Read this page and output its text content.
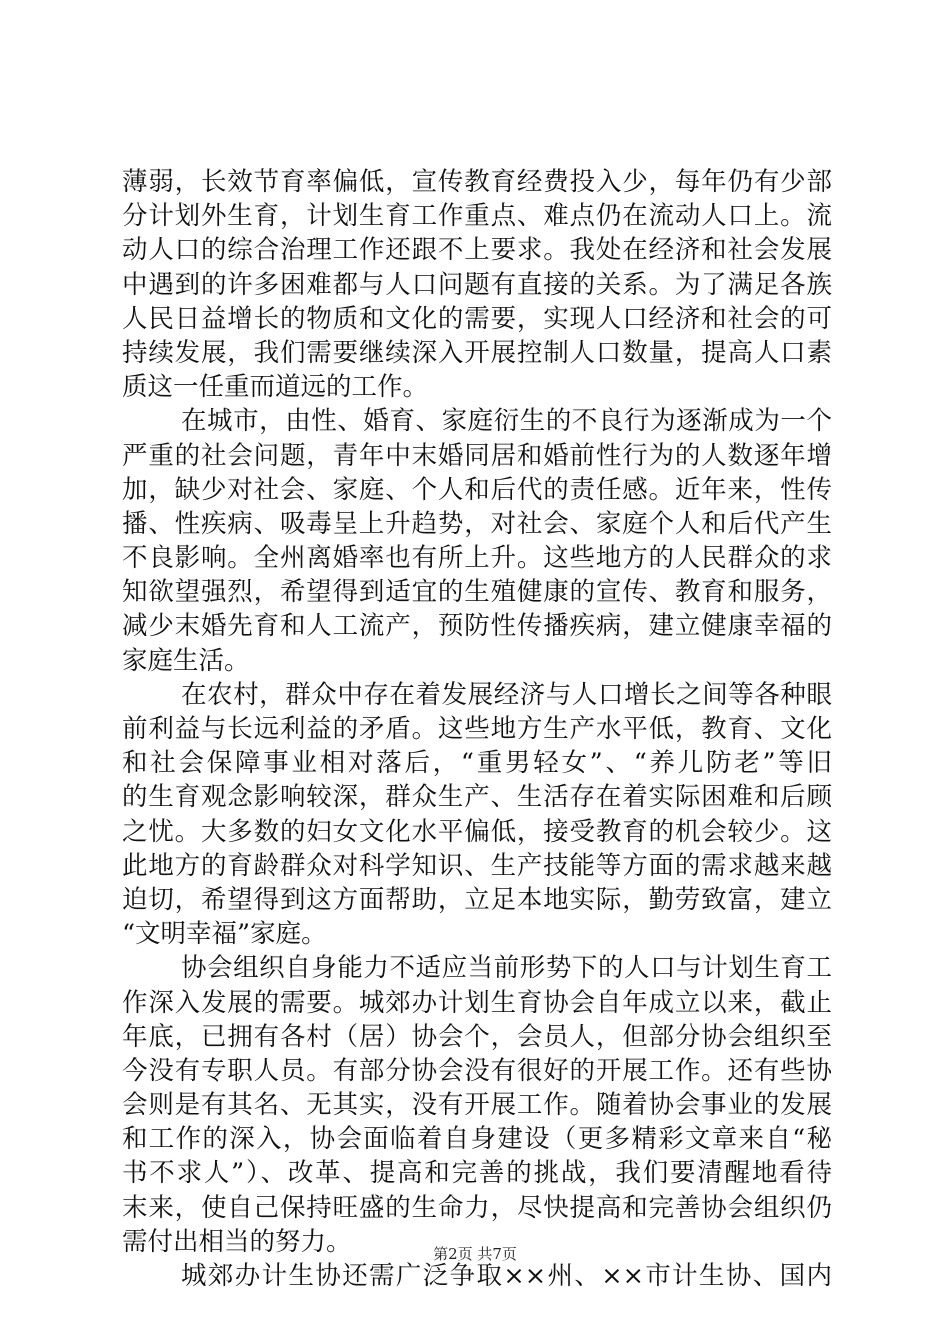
薄弱，长效节育率偏低，宣传教育经费投入少，每年仍有少部
分计划外生育，计划生育工作重点、难点仍在流动人口上。流
动人口的综合治理工作还跟不上要求。我处在经济和社会发展
中遇到的许多困难都与人口问题有直接的关系。为了满足各族
人民日益增长的物质和文化的需要，实现人口经济和社会的可
持续发展，我们需要继续深入开展控制人口数量，提高人口素
质这一任重而道远的工作。
在城市，由性、婚育、家庭衍生的不良行为逐渐成为一个
严重的社会问题，青年中末婚同居和婚前性行为的人数逐年增
加，缺少对社会、家庭、个人和后代的责任感。近年来，性传
播、性疾病、吸毒呈上升趋势，对社会、家庭个人和后代产生
不良影响。全州离婚率也有所上升。这些地方的人民群众的求
知欲望强烈，希望得到适宜的生殖健康的宣传、教育和服务，
减少末婚先育和人工流产，预防性传播疾病，建立健康幸福的
家庭生活。
在农村，群众中存在着发展经济与人口增长之间等各种眼
前利益与长远利益的矛盾。这些地方生产水平低，教育、文化
和社会保障事业相对落后，“重男轻女”、“养儿防老”等旧
的生育观念影响较深，群众生产、生活存在着实际困难和后顾
之忧。大多数的妇女文化水平偏低，接受教育的机会较少。这
此地方的育龄群众对科学知识、生产技能等方面的需求越来越
迫切，希望得到这方面帮助，立足本地实际，勤劳致富，建立
“文明幸福”家庭。
协会组织自身能力不适应当前形势下的人口与计划生育工
作深入发展的需要。城郊办计划生育协会自年成立以来，截止
年底，已拥有各村（居）协会个，会员人，但部分协会组织至
今没有专职人员。有部分协会没有很好的开展工作。还有些协
会则是有其名、无其实，没有开展工作。随着协会事业的发展
和工作的深入，协会面临着自身建设（更多精彩文章来自“秘
书不求人”）、改革、提高和完善的挑战，我们要清醒地看待
末来，使自己保持旺盛的生命力，尽快提高和完善协会组织仍
需付出相当的努力。
城郊办计生协还需广泛争取××州、××市计生协、国内
第2页 共7页
